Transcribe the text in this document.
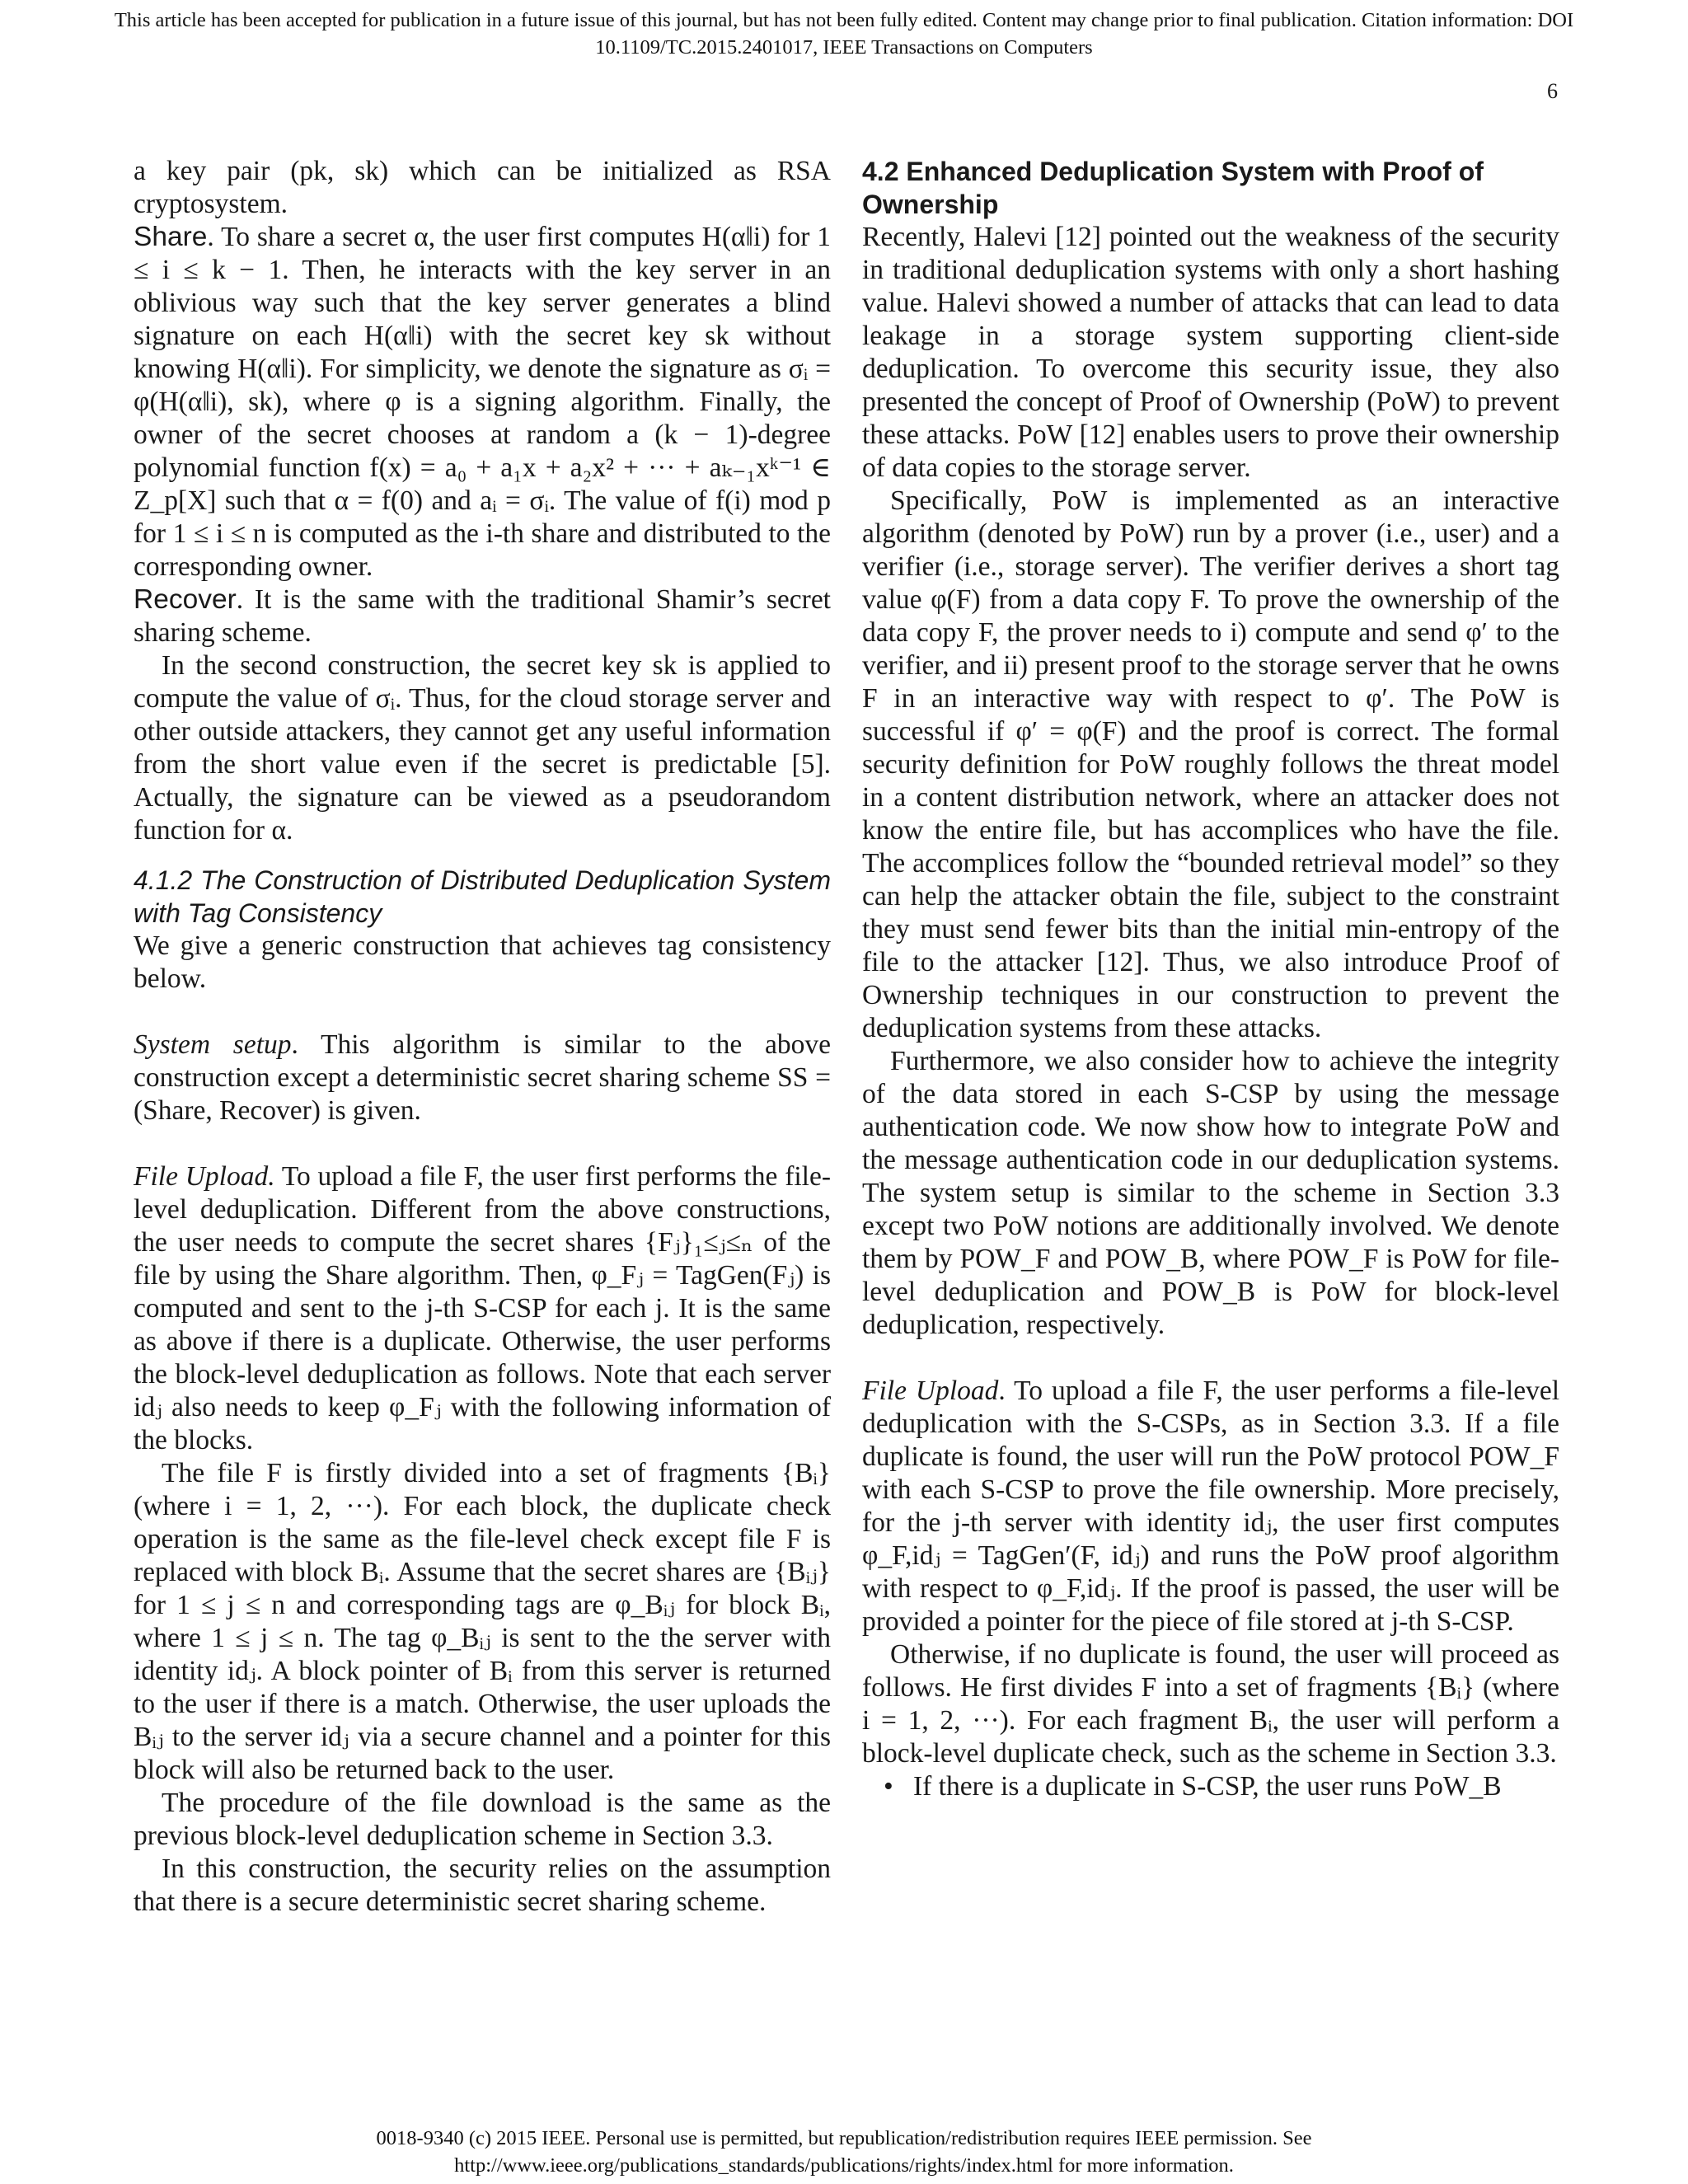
This article has been accepted for publication in a future issue of this journal, but has not been fully edited. Content may change prior to final publication. Citation information: DOI
10.1109/TC.2015.2401017, IEEE Transactions on Computers
6

a key pair (pk, sk) which can be initialized as RSA cryptosystem.

Share. To share a secret α, the user first computes H(α‖i) for 1 ≤ i ≤ k − 1. Then, he interacts with the key server in an oblivious way such that the key server generates a blind signature on each H(α‖i) with the secret key sk without knowing H(α‖i). For simplicity, we denote the signature as σᵢ = φ(H(α‖i), sk), where φ is a signing algorithm. Finally, the owner of the secret chooses at random a (k − 1)-degree polynomial function f(x) = a₀ + a₁x + a₂x² + ··· + aₖ₋₁xᵏ⁻¹ ∈ Z_p[X] such that α = f(0) and aᵢ = σᵢ. The value of f(i) mod p for 1 ≤ i ≤ n is computed as the i-th share and distributed to the corresponding owner.

Recover. It is the same with the traditional Shamir’s secret sharing scheme.

In the second construction, the secret key sk is applied to compute the value of σᵢ. Thus, for the cloud storage server and other outside attackers, they cannot get any useful information from the short value even if the secret is predictable [5]. Actually, the signature can be viewed as a pseudorandom function for α.

4.1.2 The Construction of Distributed Deduplication System with Tag Consistency

We give a generic construction that achieves tag consistency below.

System setup. This algorithm is similar to the above construction except a deterministic secret sharing scheme SS = (Share, Recover) is given.

File Upload. To upload a file F, the user first performs the file-level deduplication. Different from the above constructions, the user needs to compute the secret shares {Fⱼ}₁≤ⱼ≤ₙ of the file by using the Share algorithm. Then, φ_Fⱼ = TagGen(Fⱼ) is computed and sent to the j-th S-CSP for each j. It is the same as above if there is a duplicate. Otherwise, the user performs the block-level deduplication as follows. Note that each server idⱼ also needs to keep φ_Fⱼ with the following information of the blocks.

The file F is firstly divided into a set of fragments {Bᵢ} (where i = 1, 2, ···). For each block, the duplicate check operation is the same as the file-level check except file F is replaced with block Bᵢ. Assume that the secret shares are {Bᵢⱼ} for 1 ≤ j ≤ n and corresponding tags are φ_Bᵢⱼ for block Bᵢ, where 1 ≤ j ≤ n. The tag φ_Bᵢⱼ is sent to the the server with identity idⱼ. A block pointer of Bᵢ from this server is returned to the user if there is a match. Otherwise, the user uploads the Bᵢⱼ to the server idⱼ via a secure channel and a pointer for this block will also be returned back to the user.

The procedure of the file download is the same as the previous block-level deduplication scheme in Section 3.3.

In this construction, the security relies on the assumption that there is a secure deterministic secret sharing scheme.

4.2 Enhanced Deduplication System with Proof of Ownership

Recently, Halevi [12] pointed out the weakness of the security in traditional deduplication systems with only a short hashing value. Halevi showed a number of attacks that can lead to data leakage in a storage system supporting client-side deduplication. To overcome this security issue, they also presented the concept of Proof of Ownership (PoW) to prevent these attacks. PoW [12] enables users to prove their ownership of data copies to the storage server.

Specifically, PoW is implemented as an interactive algorithm (denoted by PoW) run by a prover (i.e., user) and a verifier (i.e., storage server). The verifier derives a short tag value φ(F) from a data copy F. To prove the ownership of the data copy F, the prover needs to i) compute and send φ′ to the verifier, and ii) present proof to the storage server that he owns F in an interactive way with respect to φ′. The PoW is successful if φ′ = φ(F) and the proof is correct. The formal security definition for PoW roughly follows the threat model in a content distribution network, where an attacker does not know the entire file, but has accomplices who have the file. The accomplices follow the “bounded retrieval model” so they can help the attacker obtain the file, subject to the constraint they must send fewer bits than the initial min-entropy of the file to the attacker [12]. Thus, we also introduce Proof of Ownership techniques in our construction to prevent the deduplication systems from these attacks.

Furthermore, we also consider how to achieve the integrity of the data stored in each S-CSP by using the message authentication code. We now show how to integrate PoW and the message authentication code in our deduplication systems. The system setup is similar to the scheme in Section 3.3 except two PoW notions are additionally involved. We denote them by POW_F and POW_B, where POW_F is PoW for file-level deduplication and POW_B is PoW for block-level deduplication, respectively.

File Upload. To upload a file F, the user performs a file-level deduplication with the S-CSPs, as in Section 3.3. If a file duplicate is found, the user will run the PoW protocol POW_F with each S-CSP to prove the file ownership. More precisely, for the j-th server with identity idⱼ, the user first computes φ_F,idⱼ = TagGen′(F, idⱼ) and runs the PoW proof algorithm with respect to φ_F,idⱼ. If the proof is passed, the user will be provided a pointer for the piece of file stored at j-th S-CSP.

Otherwise, if no duplicate is found, the user will proceed as follows. He first divides F into a set of fragments {Bᵢ} (where i = 1, 2, ···). For each fragment Bᵢ, the user will perform a block-level duplicate check, such as the scheme in Section 3.3.

• If there is a duplicate in S-CSP, the user runs PoW_B
0018-9340 (c) 2015 IEEE. Personal use is permitted, but republication/redistribution requires IEEE permission. See
http://www.ieee.org/publications_standards/publications/rights/index.html for more information.
